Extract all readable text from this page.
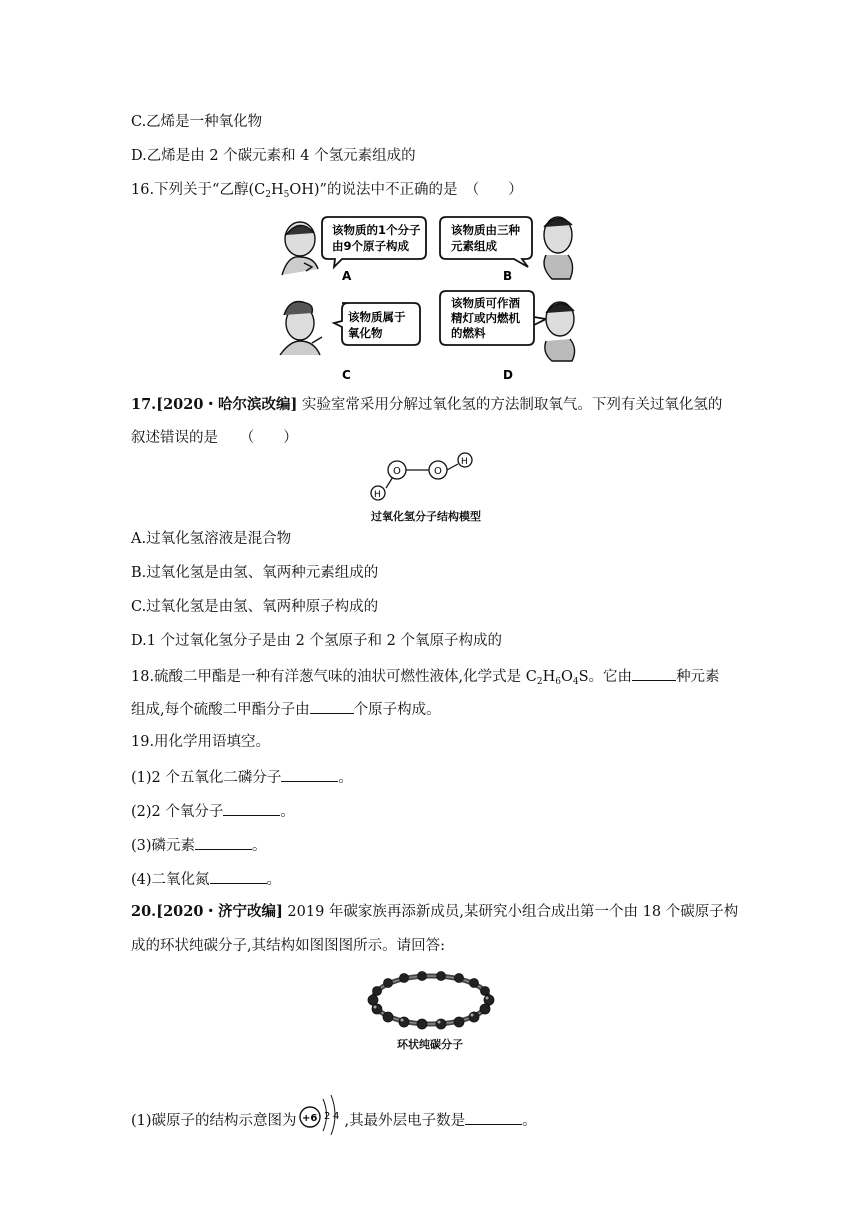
C.乙烯是一种氧化物
D.乙烯是由 2 个碳元素和 4 个氢元素组成的
16.下列关于“乙醇$(C_2H_5OH)$”的说法中不正确的是　（　　）
该物质的1个分子
由9个原子构成
A
该物质由三种
元素组成
B
该物质属于
氧化物
C
该物质可作酒
精灯或内燃机
的燃料
D
17.[2020・哈尔滨改编] 实验室常采用分解过氧化氢的方法制取氧气。下列有关过氧化氢的
叙述错误的是　　（　　）
O	O
H
H
过氧化氢分子结构模型
A.过氧化氢溶液是混合物
B.过氧化氢是由氢、氧两种元素组成的
C.过氧化氢是由氢、氧两种原子构成的
D.1 个过氧化氢分子是由 2 个氢原子和 2 个氧原子构成的
18.硫酸二甲酯是一种有洋葱气味的油状可燃性液体,化学式是 $C_2H_6O_4S$。它由	种元素
组成,每个硫酸二甲酯分子由	个原子构成。
19.用化学用语填空。
(1)2 个五氧化二磷分子	。
(2)2 个氧分子	。
(3)磷元素	。
(4)二氧化氮	。
20.[2020・济宁改编] 2019 年碳家族再添新成员,某研究小组合成出第一个由 18 个碳原子构
成的环状纯碳分子,其结构如图图图所示。请回答:
环状纯碳分子
(1)碳原子的结构示意图为 +6 2 4 ,其最外层电子数是	。
